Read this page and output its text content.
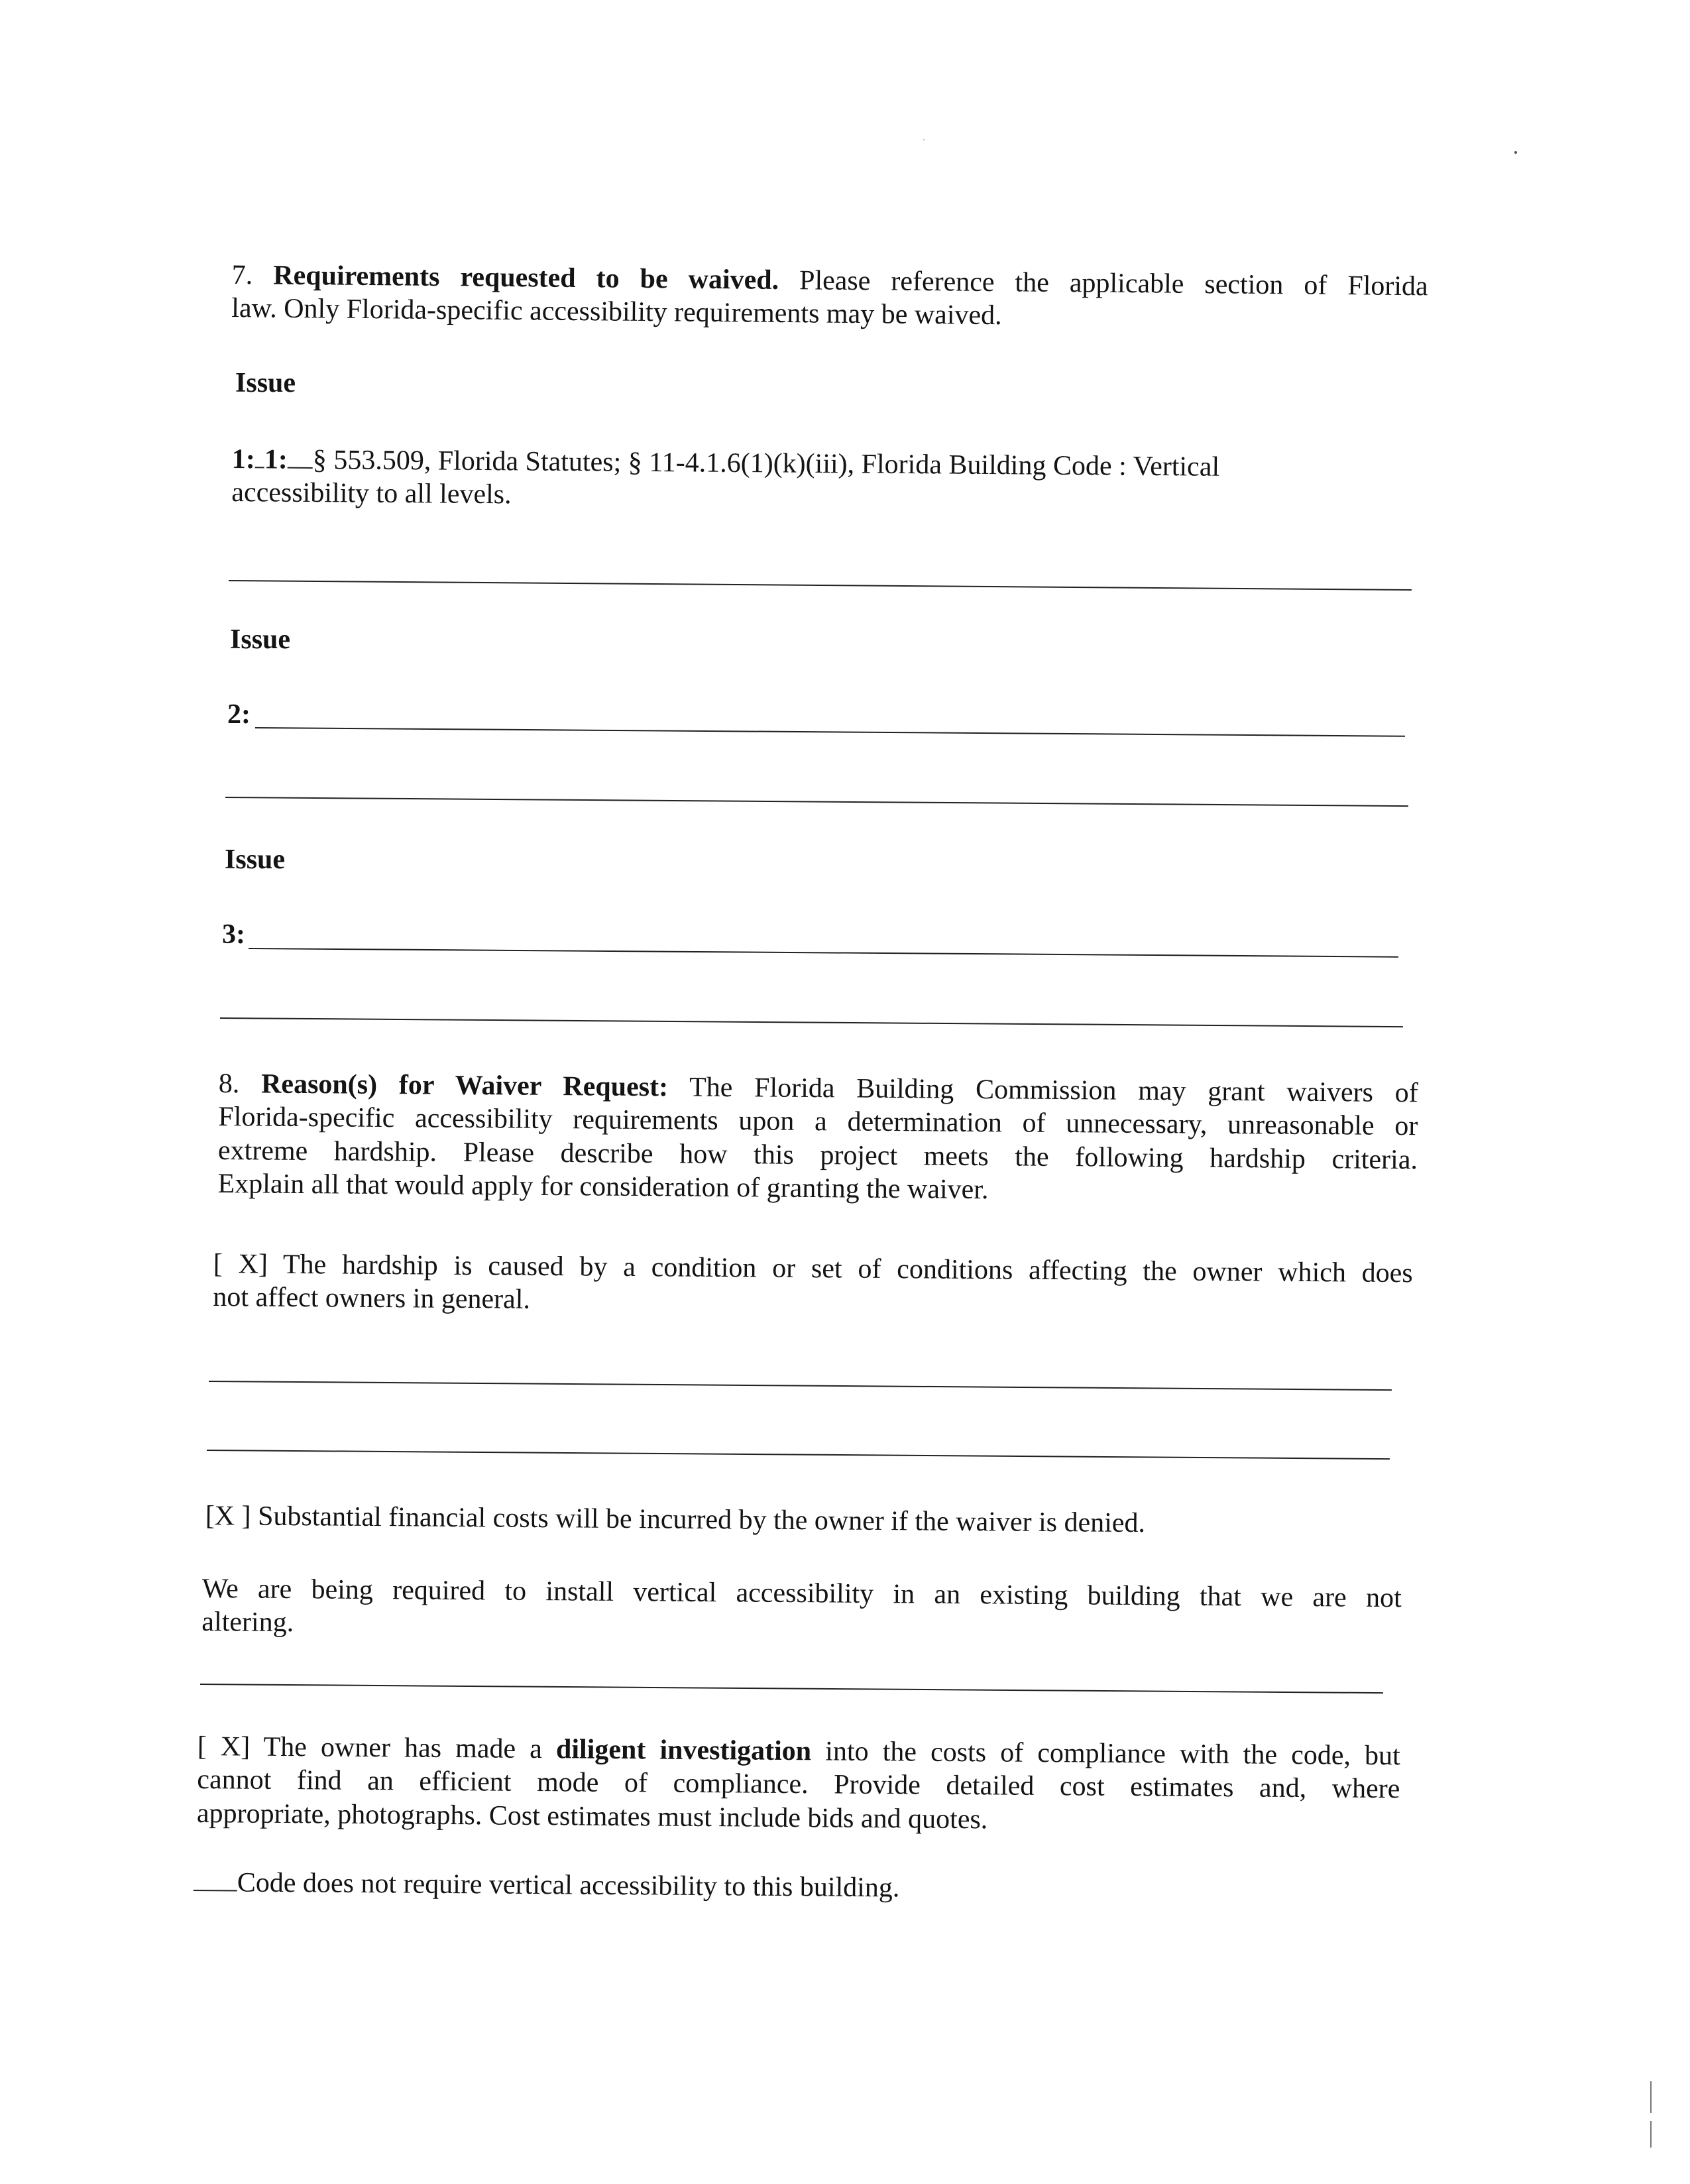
7. Requirements requested to be waived. Please reference the applicable section of Florida
law. Only Florida-specific accessibility requirements may be waived.
Issue
1: 1: § 553.509, Florida Statutes; § 11-4.1.6(1)(k)(iii), Florida Building Code : Vertical
accessibility to all levels.
Issue
2:
Issue
3:
8. Reason(s) for Waiver Request: The Florida Building Commission may grant waivers of
Florida-specific accessibility requirements upon a determination of unnecessary, unreasonable or
extreme hardship. Please describe how this project meets the following hardship criteria.
Explain all that would apply for consideration of granting the waiver.
[ X] The hardship is caused by a condition or set of conditions affecting the owner which does
not affect owners in general.
[X ] Substantial financial costs will be incurred by the owner if the waiver is denied.
We are being required to install vertical accessibility in an existing building that we are not
altering.
[ X] The owner has made a diligent investigation into the costs of compliance with the code, but
cannot find an efficient mode of compliance. Provide detailed cost estimates and, where
appropriate, photographs. Cost estimates must include bids and quotes.
Code does not require vertical accessibility to this building.
